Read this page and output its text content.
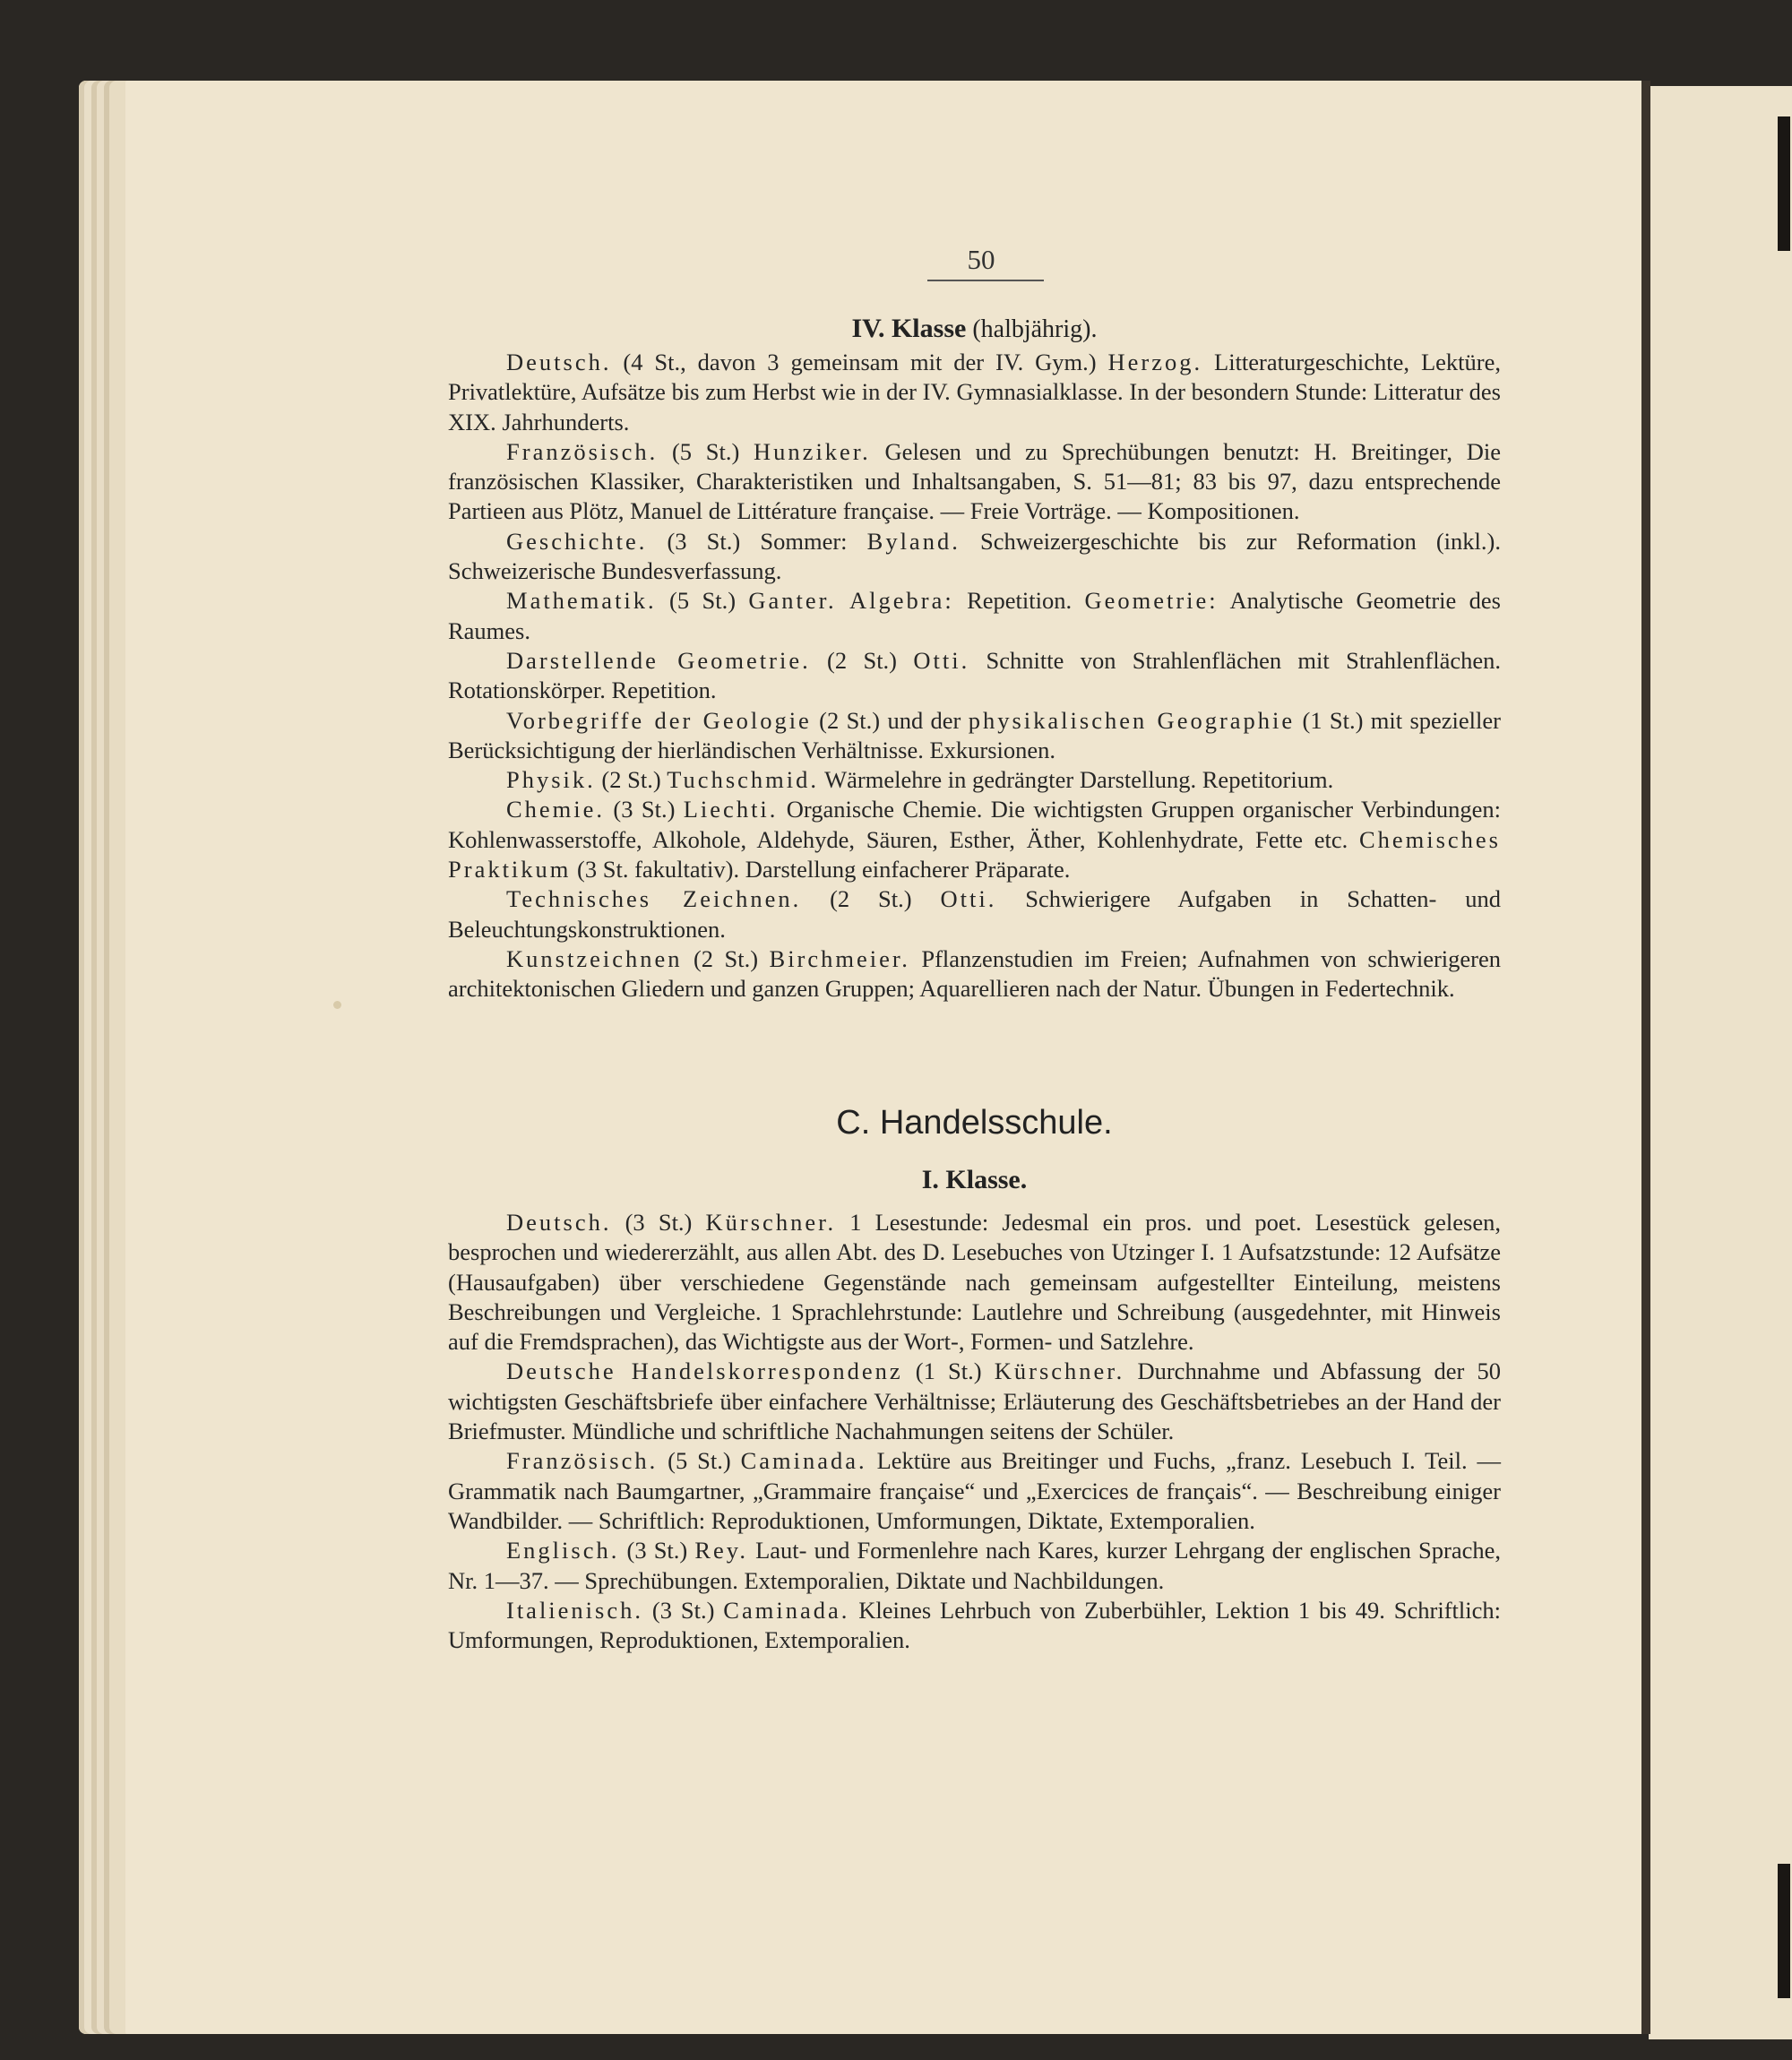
50
IV. Klasse (halbjährig).

Deutsch. (4 St., davon 3 gemeinsam mit der IV. Gym.) Herzog. Litteraturgeschichte, Lektüre, Privatlektüre, Aufsätze bis zum Herbst wie in der IV. Gymnasialklasse. In der besondern Stunde: Litteratur des XIX. Jahrhunderts.

Französisch. (5 St.) Hunziker. Gelesen und zu Sprechübungen benutzt: H. Breitinger, Die französischen Klassiker, Charakteristiken und Inhaltsangaben, S. 51—81; 83 bis 97, dazu entsprechende Partieen aus Plötz, Manuel de Littérature française. — Freie Vorträge. — Kompositionen.

Geschichte. (3 St.) Sommer: Byland. Schweizergeschichte bis zur Reformation (inkl.). Schweizerische Bundesverfassung.

Mathematik. (5 St.) Ganter. Algebra: Repetition. Geometrie: Analytische Geometrie des Raumes.

Darstellende Geometrie. (2 St.) Otti. Schnitte von Strahlenflächen mit Strahlenflächen. Rotationskörper. Repetition.

Vorbegriffe der Geologie (2 St.) und der physikalischen Geographie (1 St.) mit spezieller Berücksichtigung der hierländischen Verhältnisse. Exkursionen.

Physik. (2 St.) Tuchschmid. Wärmelehre in gedrängter Darstellung. Repetitorium.

Chemie. (3 St.) Liechti. Organische Chemie. Die wichtigsten Gruppen organischer Verbindungen: Kohlenwasserstoffe, Alkohole, Aldehyde, Säuren, Esther, Äther, Kohlenhydrate, Fette etc. Chemisches Praktikum (3 St. fakultativ). Darstellung einfacherer Präparate.

Technisches Zeichnen. (2 St.) Otti. Schwierigere Aufgaben in Schatten- und Beleuchtungskonstruktionen.

Kunstzeichnen (2 St.) Birchmeier. Pflanzenstudien im Freien; Aufnahmen von schwierigeren architektonischen Gliedern und ganzen Gruppen; Aquarellieren nach der Natur. Übungen in Federtechnik.

C. Handelsschule.
I. Klasse.

Deutsch. (3 St.) Kürschner. 1 Lesestunde: Jedesmal ein pros. und poet. Lesestück gelesen, besprochen und wiedererzählt, aus allen Abt. des D. Lesebuches von Utzinger I. 1 Aufsatzstunde: 12 Aufsätze (Hausaufgaben) über verschiedene Gegenstände nach gemeinsam aufgestellter Einteilung, meistens Beschreibungen und Vergleiche. 1 Sprachlehrstunde: Lautlehre und Schreibung (ausgedehnter, mit Hinweis auf die Fremdsprachen), das Wichtigste aus der Wort-, Formen- und Satzlehre.

Deutsche Handelskorrespondenz (1 St.) Kürschner. Durchnahme und Abfassung der 50 wichtigsten Geschäftsbriefe über einfachere Verhältnisse; Erläuterung des Geschäftsbetriebes an der Hand der Briefmuster. Mündliche und schriftliche Nachahmungen seitens der Schüler.

Französisch. (5 St.) Caminada. Lektüre aus Breitinger und Fuchs, „franz. Lesebuch I. Teil. — Grammatik nach Baumgartner, „Grammaire française“ und „Exercices de français“. — Beschreibung einiger Wandbilder. — Schriftlich: Reproduktionen, Umformungen, Diktate, Extemporalien.

Englisch. (3 St.) Rey. Laut- und Formenlehre nach Kares, kurzer Lehrgang der englischen Sprache, Nr. 1—37. — Sprechübungen. Extemporalien, Diktate und Nachbildungen.

Italienisch. (3 St.) Caminada. Kleines Lehrbuch von Zuberbühler, Lektion 1 bis 49. Schriftlich: Umformungen, Reproduktionen, Extemporalien.
